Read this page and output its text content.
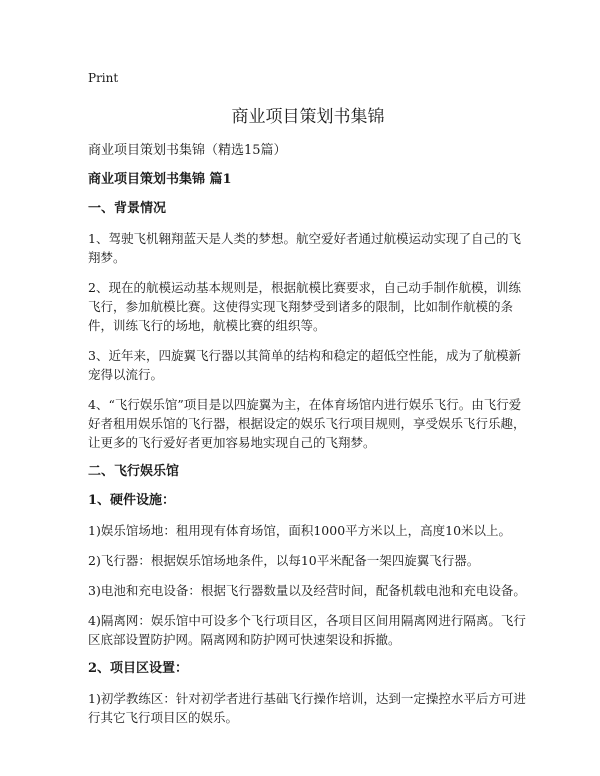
Print
商业项目策划书集锦

商业项目策划书集锦（精选15篇）

商业项目策划书集锦 篇1

一、背景情况

1、驾驶飞机翱翔蓝天是人类的梦想。航空爱好者通过航模运动实现了自己的飞翔梦。

2、现在的航模运动基本规则是，根据航模比赛要求，自己动手制作航模，训练飞行，参加航模比赛。这使得实现飞翔梦受到诸多的限制，比如制作航模的条件，训练飞行的场地，航模比赛的组织等。

3、近年来，四旋翼飞行器以其简单的结构和稳定的超低空性能，成为了航模新宠得以流行。

4、“飞行娱乐馆”项目是以四旋翼为主，在体育场馆内进行娱乐飞行。由飞行爱好者租用娱乐馆的飞行器，根据设定的娱乐飞行项目规则，享受娱乐飞行乐趣，让更多的飞行爱好者更加容易地实现自己的飞翔梦。

二、飞行娱乐馆

1、硬件设施：

1)娱乐馆场地：租用现有体育场馆，面积1000平方米以上，高度10米以上。

2)飞行器：根据娱乐馆场地条件，以每10平米配备一架四旋翼飞行器。

3)电池和充电设备：根据飞行器数量以及经营时间，配备机载电池和充电设备。

4)隔离网：娱乐馆中可设多个飞行项目区，各项目区间用隔离网进行隔离。飞行区底部设置防护网。隔离网和防护网可快速架设和拆撤。

2、项目区设置：

1)初学教练区：针对初学者进行基础飞行操作培训，达到一定操控水平后方可进行其它飞行项目区的娱乐。
